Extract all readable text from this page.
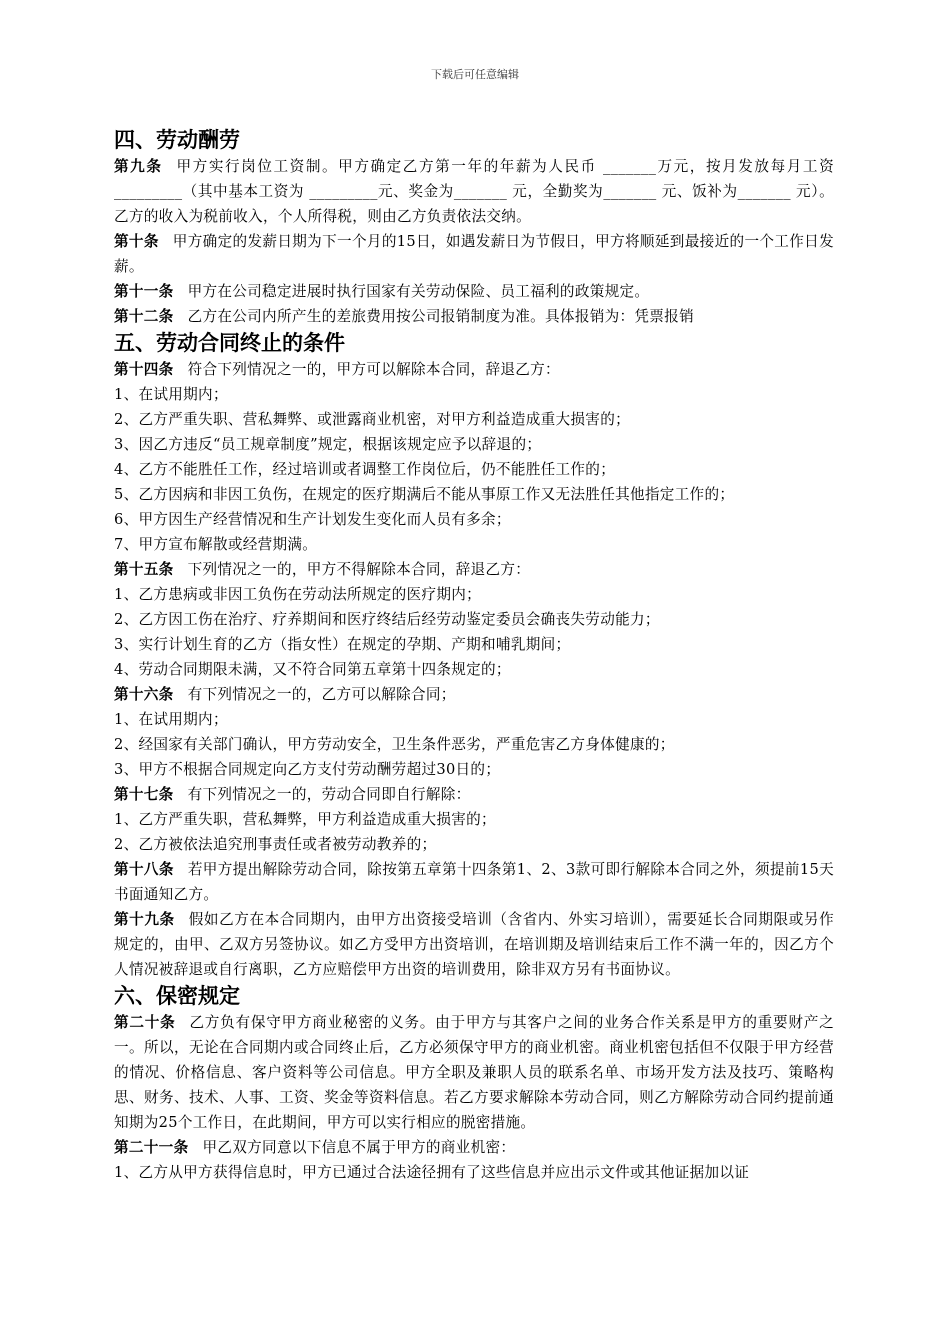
下载后可任意编辑
四、劳动酬劳
第九条 甲方实行岗位工资制。甲方确定乙方第一年的年薪为人民币 _______万元，按月发放每月工资_________（其中基本工资为 _________元、奖金为_______ 元，全勤奖为_______ 元、饭补为_______ 元）。 乙方的收入为税前收入，个人所得税，则由乙方负责依法交纳。
第十条 甲方确定的发薪日期为下一个月的15日，如遇发薪日为节假日，甲方将顺延到最接近的一个工作日发薪。
第十一条 甲方在公司稳定进展时执行国家有关劳动保险、员工福利的政策规定。
第十二条 乙方在公司内所产生的差旅费用按公司报销制度为准。具体报销为：凭票报销
五、劳动合同终止的条件
第十四条 符合下列情况之一的，甲方可以解除本合同，辞退乙方：
1、在试用期内；
2、乙方严重失职、营私舞弊、或泄露商业机密，对甲方利益造成重大损害的；
3、因乙方违反“员工规章制度”规定，根据该规定应予以辞退的；
4、乙方不能胜任工作，经过培训或者调整工作岗位后，仍不能胜任工作的；
5、乙方因病和非因工负伤，在规定的医疗期满后不能从事原工作又无法胜任其他指定工作的；
6、甲方因生产经营情况和生产计划发生变化而人员有多余；
7、甲方宣布解散或经营期满。
第十五条 下列情况之一的，甲方不得解除本合同，辞退乙方：
1、乙方患病或非因工负伤在劳动法所规定的医疗期内；
2、乙方因工伤在治疗、疗养期间和医疗终结后经劳动鉴定委员会确丧失劳动能力；
3、实行计划生育的乙方（指女性）在规定的孕期、产期和哺乳期间；
4、劳动合同期限未满，又不符合同第五章第十四条规定的；
第十六条 有下列情况之一的，乙方可以解除合同；
1、在试用期内；
2、经国家有关部门确认，甲方劳动安全，卫生条件恶劣，严重危害乙方身体健康的；
3、甲方不根据合同规定向乙方支付劳动酬劳超过30日的；
第十七条 有下列情况之一的，劳动合同即自行解除：
1、乙方严重失职，营私舞弊，甲方利益造成重大损害的；
2、乙方被依法追究刑事责任或者被劳动教养的；
第十八条 若甲方提出解除劳动合同，除按第五章第十四条第1、2、3款可即行解除本合同之外，须提前15天书面通知乙方。
第十九条 假如乙方在本合同期内，由甲方出资接受培训（含省内、外实习培训），需要延长合同期限或另作规定的，由甲、乙双方另签协议。如乙方受甲方出资培训，在培训期及培训结束后工作不满一年的，因乙方个人情况被辞退或自行离职，乙方应赔偿甲方出资的培训费用，除非双方另有书面协议。
六、保密规定
第二十条 乙方负有保守甲方商业秘密的义务。由于甲方与其客户之间的业务合作关系是甲方的重要财产之一。所以，无论在合同期内或合同终止后，乙方必须保守甲方的商业机密。商业机密包括但不仅限于甲方经营的情况、价格信息、客户资料等公司信息。甲方全职及兼职人员的联系名单、市场开发方法及技巧、策略构思、财务、技术、人事、工资、奖金等资料信息。若乙方要求解除本劳动合同，则乙方解除劳动合同约提前通知期为25个工作日，在此期间，甲方可以实行相应的脱密措施。
第二十一条 甲乙双方同意以下信息不属于甲方的商业机密：
1、乙方从甲方获得信息时，甲方已通过合法途径拥有了这些信息并应出示文件或其他证据加以证
